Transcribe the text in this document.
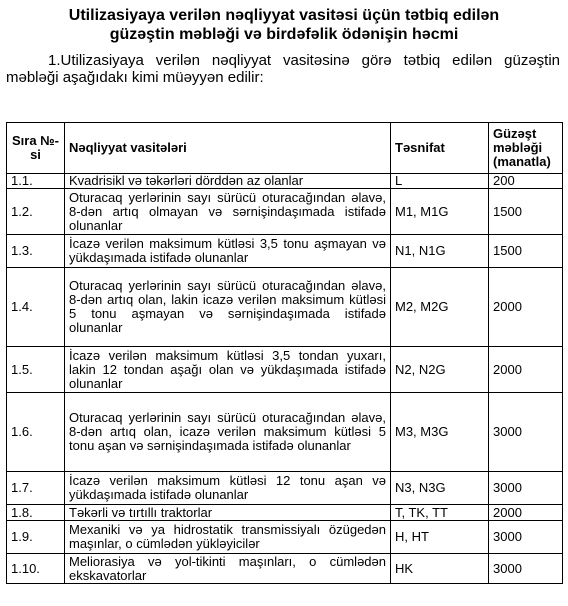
Utilizasiyaya verilən nəqliyyat vasitəsi üçün tətbiq edilən
güzəştin məbləği və birdəfəlik ödənişin həcmi
1.Utilizasiyaya verilən nəqliyyat vasitəsinə görə tətbiq edilən güzəştin məbləği aşağıdakı kimi müəyyən edilir:
Sıra №-si	Nəqliyyat vasitələri	Təsnifat	Güzəşt məbləği (manatla)
1.1.	Kvadrisikl və təkərləri dörddən az olanlar	L	200
1.2.	Oturacaq yerlərinin sayı sürücü oturacağından əlavə, 8-dən artıq olmayan və sərnişindaşımada istifadə olunanlar	M1, M1G	1500
1.3.	İcazə verilən maksimum kütləsi 3,5 tonu aşmayan və yükdaşımada istifadə olunanlar	N1, N1G	1500
1.4.	Oturacaq yerlərinin sayı sürücü oturacağından əlavə, 8-dən artıq olan, lakin icazə verilən maksimum kütləsi 5 tonu aşmayan və sərnişindaşımada istifadə olunanlar	M2, M2G	2000
1.5.	İcazə verilən maksimum kütləsi 3,5 tondan yuxarı, lakin 12 tondan aşağı olan və yükdaşımada istifadə olunanlar	N2, N2G	2000
1.6.	Oturacaq yerlərinin sayı sürücü oturacağından əlavə, 8-dən artıq olan, icazə verilən maksimum kütləsi 5 tonu aşan və sərnişindaşımada istifadə olunanlar	M3, M3G	3000
1.7.	İcazə verilən maksimum kütləsi 12 tonu aşan və yükdaşımada istifadə olunanlar	N3, N3G	3000
1.8.	Təkərli və tırtıllı traktorlar	T, TK, TT	2000
1.9.	Mexaniki və ya hidrostatik transmissiyalı özügedən maşınlar, o cümlədən yükləyicilər	H, HT	3000
1.10.	Meliorasiya və yol-tikinti maşınları, o cümlədən ekskavatorlar	HK	3000
